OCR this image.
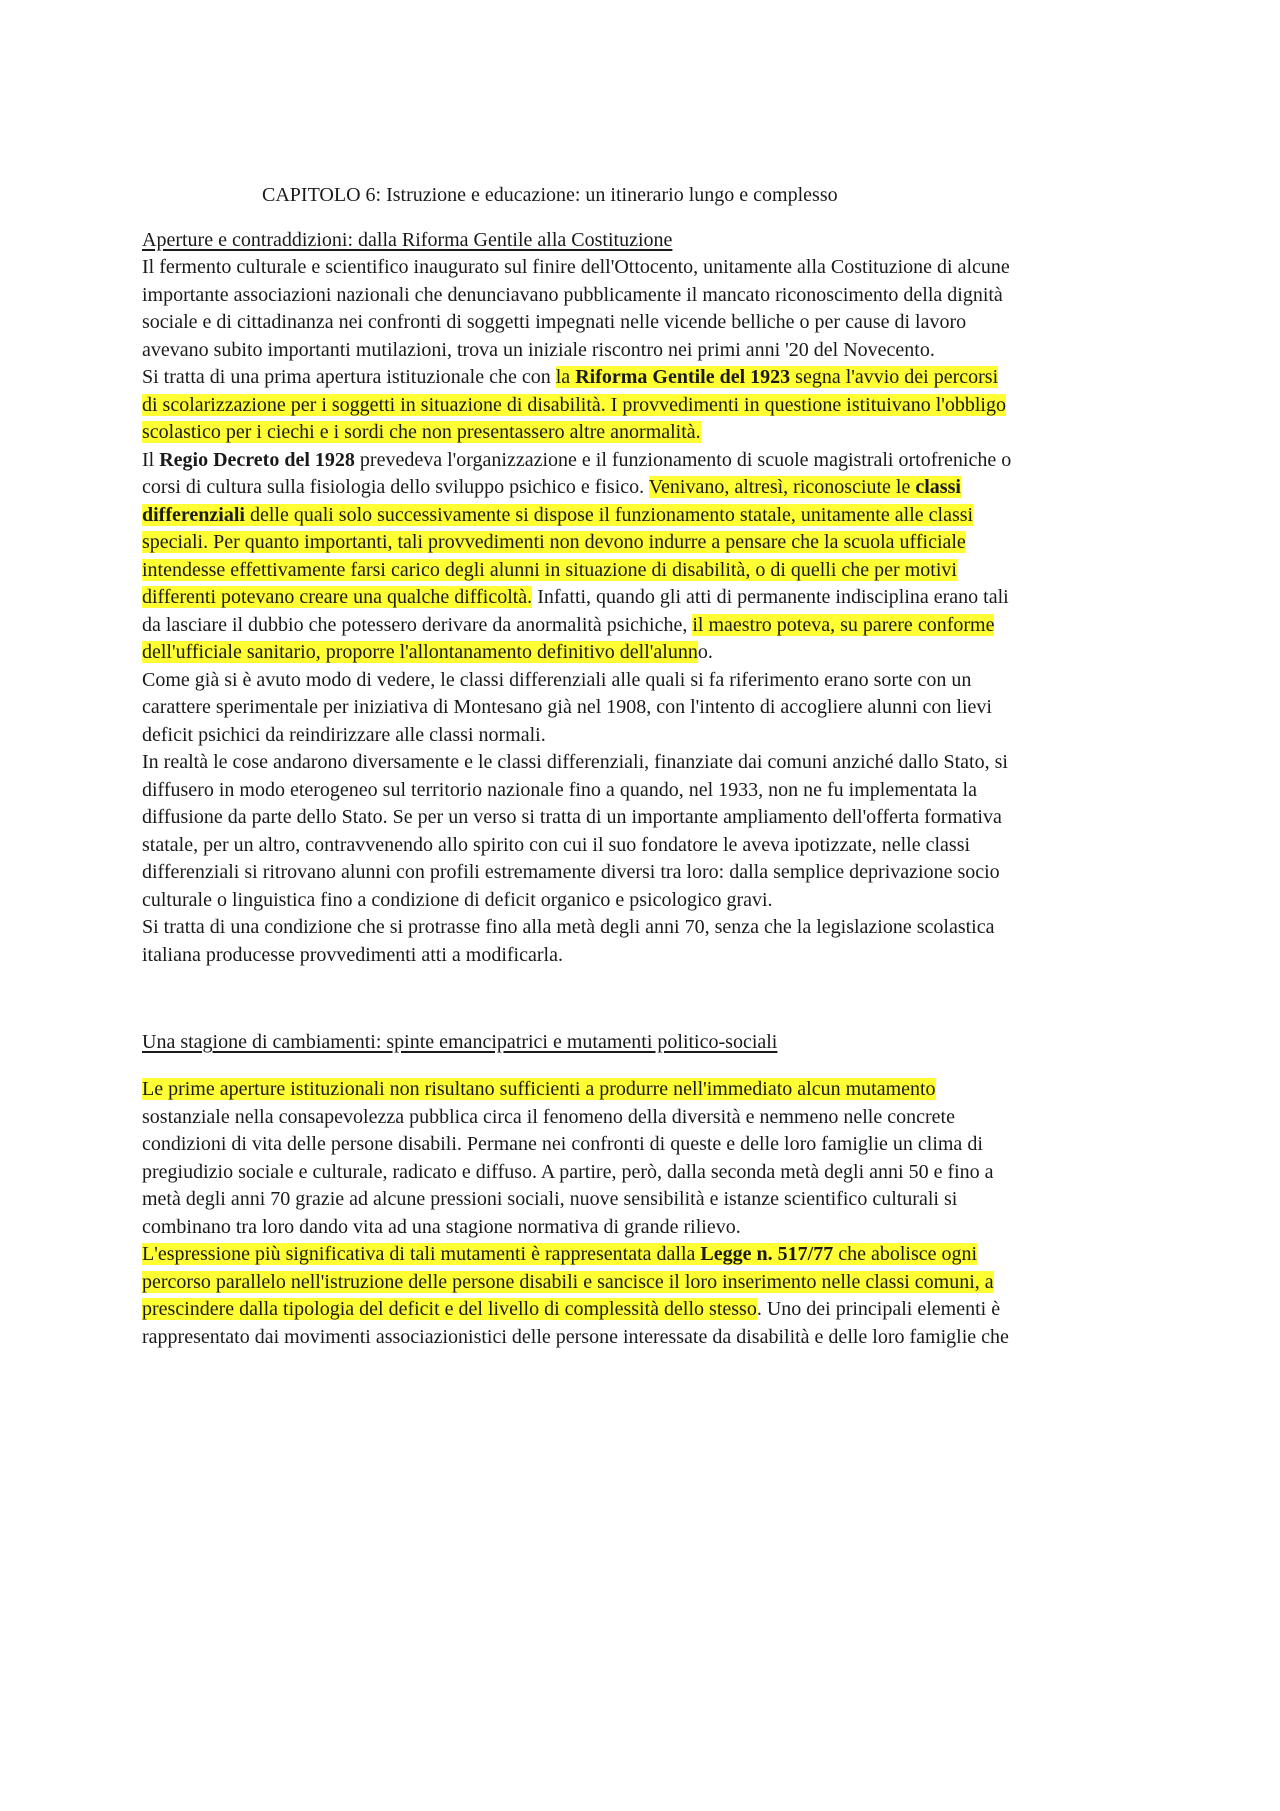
CAPITOLO 6: Istruzione e educazione: un itinerario lungo e complesso
Aperture e contraddizioni: dalla Riforma Gentile alla Costituzione
Il fermento culturale e scientifico inaugurato sul finire dell'Ottocento, unitamente alla Costituzione di alcune
importante associazioni nazionali che denunciavano pubblicamente il mancato riconoscimento della dignità
sociale e di cittadinanza nei confronti di soggetti impegnati nelle vicende belliche o per cause di lavoro
avevano subito importanti mutilazioni, trova un iniziale riscontro nei primi anni '20 del Novecento.
Si tratta di una prima apertura istituzionale che con la Riforma Gentile del 1923 segna l'avvio dei percorsi
di scolarizzazione per i soggetti in situazione di disabilità. I provvedimenti in questione istituivano l'obbligo
scolastico per i ciechi e i sordi che non presentassero altre anormalità.
Il Regio Decreto del 1928 prevedeva l'organizzazione e il funzionamento di scuole magistrali ortofreniche o
corsi di cultura sulla fisiologia dello sviluppo psichico e fisico. Venivano, altresì, riconosciute le classi
differenziali delle quali solo successivamente si dispose il funzionamento statale, unitamente alle classi
speciali. Per quanto importanti, tali provvedimenti non devono indurre a pensare che la scuola ufficiale
intendesse effettivamente farsi carico degli alunni in situazione di disabilità, o di quelli che per motivi
differenti potevano creare una qualche difficoltà. Infatti, quando gli atti di permanente indisciplina erano tali
da lasciare il dubbio che potessero derivare da anormalità psichiche, il maestro poteva, su parere conforme
dell'ufficiale sanitario, proporre l'allontanamento definitivo dell'alunno.
Come già si è avuto modo di vedere, le classi differenziali alle quali si fa riferimento erano sorte con un
carattere sperimentale per iniziativa di Montesano già nel 1908, con l'intento di accogliere alunni con lievi
deficit psichici da reindirizzare alle classi normali.
In realtà le cose andarono diversamente e le classi differenziali, finanziate dai comuni anziché dallo Stato, si
diffusero in modo eterogeneo sul territorio nazionale fino a quando, nel 1933, non ne fu implementata la
diffusione da parte dello Stato. Se per un verso si tratta di un importante ampliamento dell'offerta formativa
statale, per un altro, contravvenendo allo spirito con cui il suo fondatore le aveva ipotizzate, nelle classi
differenziali si ritrovano alunni con profili estremamente diversi tra loro: dalla semplice deprivazione socio
culturale o linguistica fino a condizione di deficit organico e psicologico gravi.
Si tratta di una condizione che si protrasse fino alla metà degli anni 70, senza che la legislazione scolastica
italiana producesse provvedimenti atti a modificarla.
Una stagione di cambiamenti: spinte emancipatrici e mutamenti politico-sociali
Le prime aperture istituzionali non risultano sufficienti a produrre nell'immediato alcun mutamento
sostanziale nella consapevolezza pubblica circa il fenomeno della diversità e nemmeno nelle concrete
condizioni di vita delle persone disabili. Permane nei confronti di queste e delle loro famiglie un clima di
pregiudizio sociale e culturale, radicato e diffuso. A partire, però, dalla seconda metà degli anni 50 e fino a
metà degli anni 70 grazie ad alcune pressioni sociali, nuove sensibilità e istanze scientifico culturali si
combinano tra loro dando vita ad una stagione normativa di grande rilievo.
L'espressione più significativa di tali mutamenti è rappresentata dalla Legge n. 517/77 che abolisce ogni
percorso parallelo nell'istruzione delle persone disabili e sancisce il loro inserimento nelle classi comuni, a
prescindere dalla tipologia del deficit e del livello di complessità dello stesso. Uno dei principali elementi è
rappresentato dai movimenti associazionistici delle persone interessate da disabilità e delle loro famiglie che
